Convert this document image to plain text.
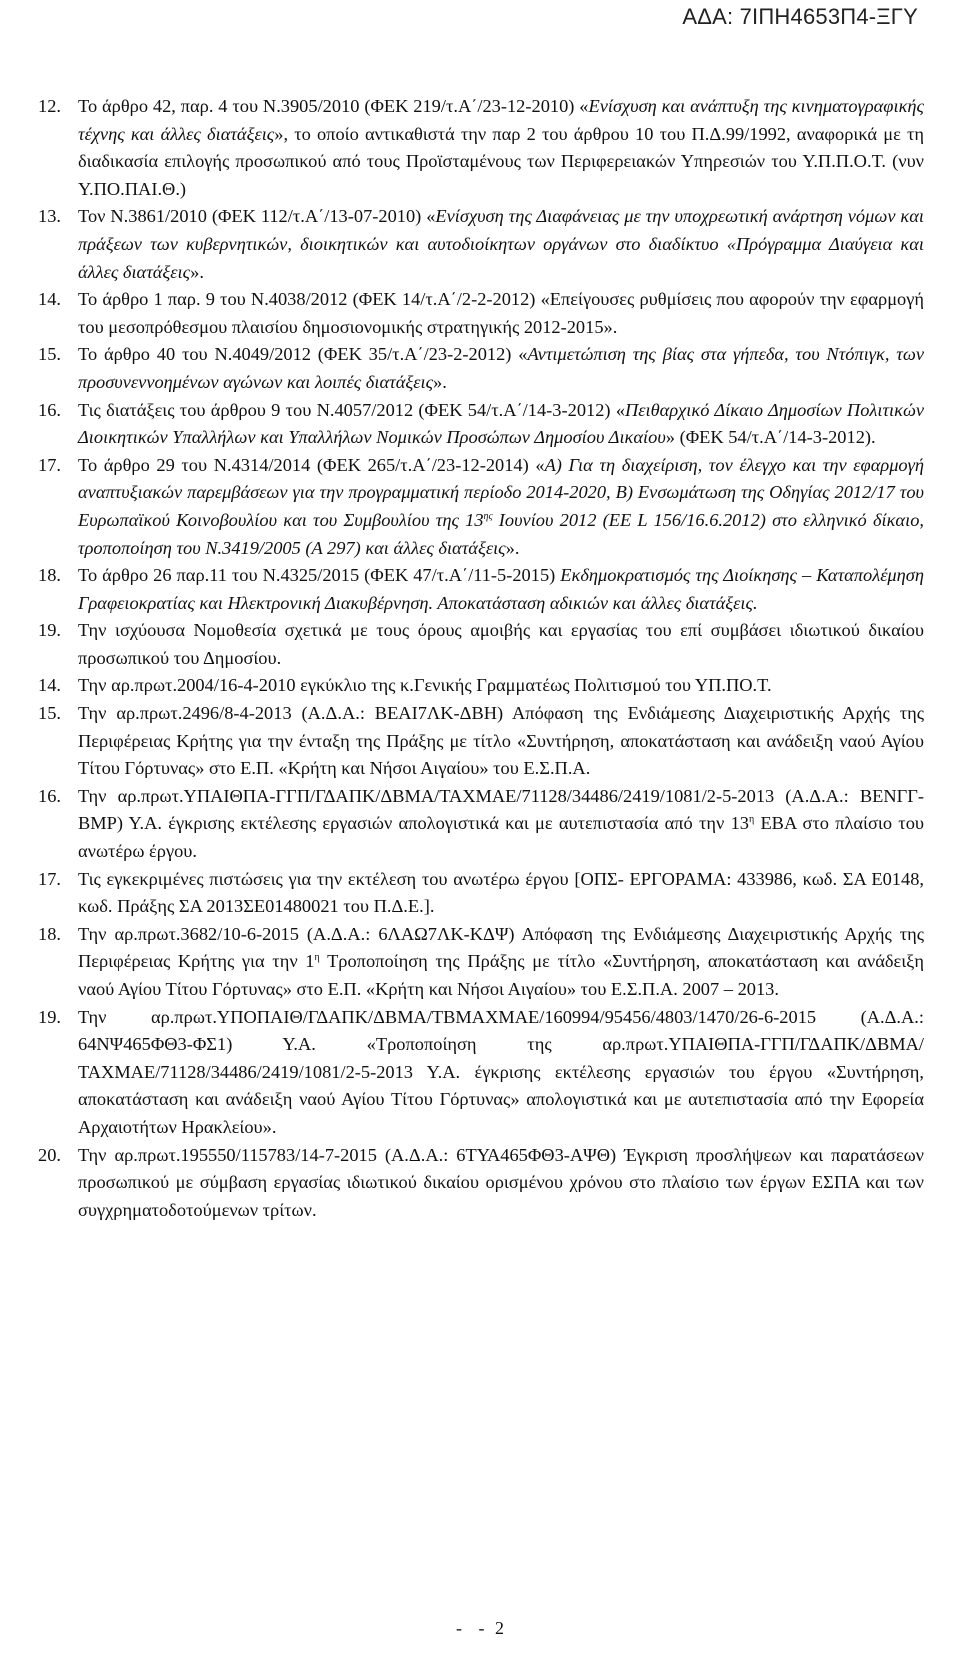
ΑΔΑ: 7ΙΠΗ4653Π4-ΞΓΥ
12. Το άρθρο 42, παρ. 4 του Ν.3905/2010 (ΦΕΚ 219/τ.Α΄/23-12-2010) «Ενίσχυση και ανάπτυξη της κινηματογραφικής τέχνης και άλλες διατάξεις», το οποίο αντικαθιστά την παρ 2 του άρθρου 10 του Π.Δ.99/1992, αναφορικά με τη διαδικασία επιλογής προσωπικού από τους Προϊσταμένους των Περιφερειακών Υπηρεσιών του Υ.Π.Π.Ο.Τ. (νυν Υ.ΠΟ.ΠΑΙ.Θ.)
13. Τον Ν.3861/2010 (ΦΕΚ 112/τ.Α΄/13-07-2010) «Ενίσχυση της Διαφάνειας με την υποχρεωτική ανάρτηση νόμων και πράξεων των κυβερνητικών, διοικητικών και αυτοδιοίκητων οργάνων στο διαδίκτυο «Πρόγραμμα Διαύγεια και άλλες διατάξεις».
14. Το άρθρο 1 παρ. 9 του Ν.4038/2012 (ΦΕΚ 14/τ.Α΄/2-2-2012) «Επείγουσες ρυθμίσεις που αφορούν την εφαρμογή του μεσοπρόθεσμου πλαισίου δημοσιονομικής στρατηγικής 2012-2015».
15. Το άρθρο 40 του Ν.4049/2012 (ΦΕΚ 35/τ.Α΄/23-2-2012) «Αντιμετώπιση της βίας στα γήπεδα, του Ντόπιγκ, των προσυνεννοημένων αγώνων και λοιπές διατάξεις».
16. Τις διατάξεις του άρθρου 9 του Ν.4057/2012 (ΦΕΚ 54/τ.Α΄/14-3-2012) «Πειθαρχικό Δίκαιο Δημοσίων Πολιτικών Διοικητικών Υπαλλήλων και Υπαλλήλων Νομικών Προσώπων Δημοσίου Δικαίου» (ΦΕΚ 54/τ.Α΄/14-3-2012).
17. Το άρθρο 29 του Ν.4314/2014 (ΦΕΚ 265/τ.Α΄/23-12-2014) «Α) Για τη διαχείριση, τον έλεγχο και την εφαρμογή αναπτυξιακών παρεμβάσεων για την προγραμματική περίοδο 2014-2020, Β) Ενσωμάτωση της Οδηγίας 2012/17 του Ευρωπαϊκού Κοινοβουλίου και του Συμβουλίου της $13^{\eta\varsigma}$ Ιουνίου 2012 (ΕΕ L 156/16.6.2012) στο ελληνικό δίκαιο, τροποποίηση του Ν.3419/2005 (Α 297) και άλλες διατάξεις».
18. Το άρθρο 26 παρ.11 του Ν.4325/2015 (ΦΕΚ 47/τ.Α΄/11-5-2015) Εκδημοκρατισμός της Διοίκησης – Καταπολέμηση Γραφειοκρατίας και Ηλεκτρονική Διακυβέρνηση. Αποκατάσταση αδικιών και άλλες διατάξεις.
19. Την ισχύουσα Νομοθεσία σχετικά με τους όρους αμοιβής και εργασίας του επί συμβάσει ιδιωτικού δικαίου προσωπικού του Δημοσίου.
14. Την αρ.πρωτ.2004/16-4-2010 εγκύκλιο της κ.Γενικής Γραμματέως Πολιτισμού του ΥΠ.ΠΟ.Τ.
15. Την αρ.πρωτ.2496/8-4-2013 (Α.Δ.Α.: ΒΕΑΙ7ΛΚ-ΔΒΗ) Απόφαση της Ενδιάμεσης Διαχειριστικής Αρχής της Περιφέρειας Κρήτης για την ένταξη της Πράξης με τίτλο «Συντήρηση, αποκατάσταση και ανάδειξη ναού Αγίου Τίτου Γόρτυνας» στο Ε.Π. «Κρήτη και Νήσοι Αιγαίου» του Ε.Σ.Π.Α.
16. Την αρ.πρωτ.ΥΠΑΙΘΠΑ-ΓΓΠ/ΓΔΑΠΚ/ΔΒΜΑ/ΤΑΧΜΑΕ/71128/34486/2419/1081/2-5-2013 (Α.Δ.Α.: ΒΕΝΓΓ-ΒΜΡ) Υ.Α. έγκρισης εκτέλεσης εργασιών απολογιστικά και με αυτεπιστασία από την $13^\eta$ ΕΒΑ στο πλαίσιο του ανωτέρω έργου.
17. Τις εγκεκριμένες πιστώσεις για την εκτέλεση του ανωτέρω έργου [ΟΠΣ- ΕΡΓΟΡΑΜΑ: 433986, κωδ. ΣΑ Ε0148, κωδ. Πράξης ΣΑ 2013ΣΕ01480021 του Π.Δ.Ε.].
18. Την αρ.πρωτ.3682/10-6-2015 (Α.Δ.Α.: 6ΛΑΩ7ΛΚ-ΚΔΨ) Απόφαση της Ενδιάμεσης Διαχειριστικής Αρχής της Περιφέρειας Κρήτης για την $1^\eta$ Τροποποίηση της Πράξης με τίτλο «Συντήρηση, αποκατάσταση και ανάδειξη ναού Αγίου Τίτου Γόρτυνας» στο Ε.Π. «Κρήτη και Νήσοι Αιγαίου» του Ε.Σ.Π.Α. 2007 – 2013.
19. Την αρ.πρωτ.ΥΠΟΠΑΙΘ/ΓΔΑΠΚ/ΔΒΜΑ/ΤΒΜΑΧΜΑΕ/160994/95456/4803/1470/26-6-2015 (Α.Δ.Α.: 64ΝΨ465ΦΘ3-ΦΣ1) Υ.Α. «Τροποποίηση της αρ.πρωτ.ΥΠΑΙΘΠΑ-ΓΓΠ/ΓΔΑΠΚ/ΔΒΜΑ/ΤΑΧΜΑΕ/71128/34486/2419/1081/2-5-2013 Υ.Α. έγκρισης εκτέλεσης εργασιών του έργου «Συντήρηση, αποκατάσταση και ανάδειξη ναού Αγίου Τίτου Γόρτυνας» απολογιστικά και με αυτεπιστασία από την Εφορεία Αρχαιοτήτων Ηρακλείου».
20. Την αρ.πρωτ.195550/115783/14-7-2015 (Α.Δ.Α.: 6ΤΥΑ465ΦΘ3-ΑΨΘ) Έγκριση προσλήψεων και παρατάσεων προσωπικού με σύμβαση εργασίας ιδιωτικού δικαίου ορισμένου χρόνου στο πλαίσιο των έργων ΕΣΠΑ και των συγχρηματοδοτούμενων τρίτων.
- - 2
